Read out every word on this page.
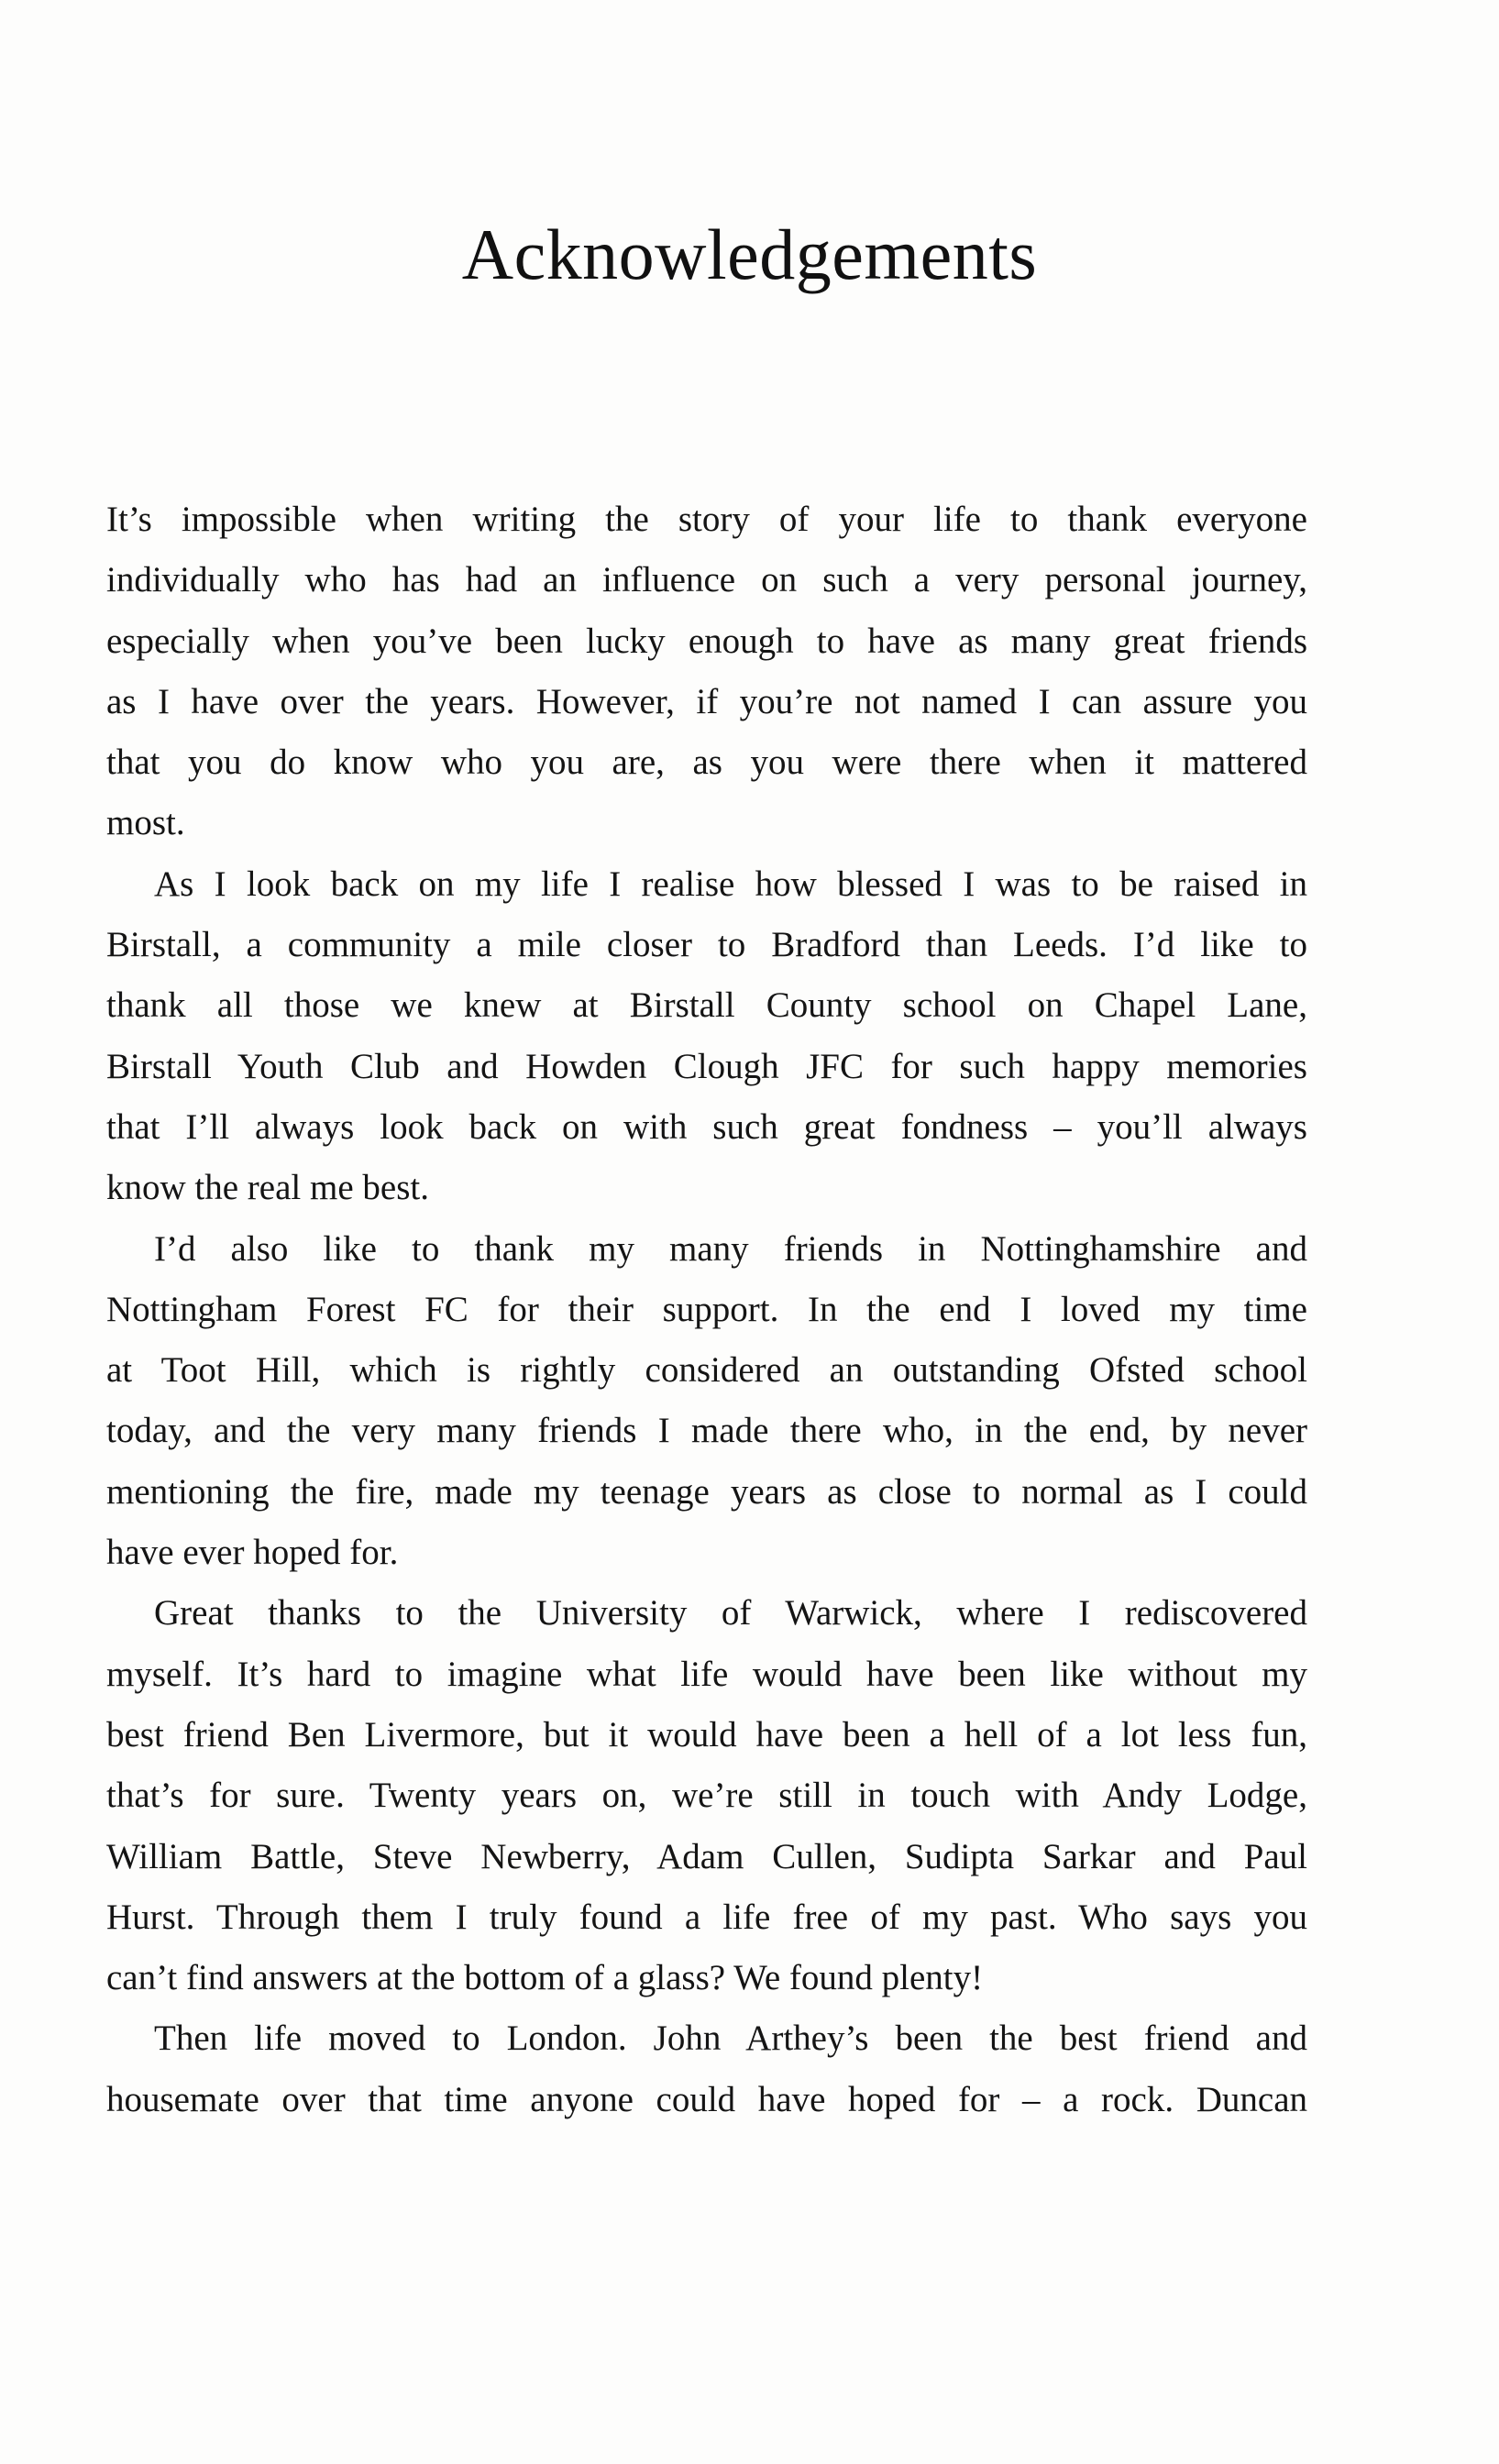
Acknowledgements
It’s impossible when writing the story of your life to thank everyone
individually who has had an influence on such a very personal journey,
especially when you’ve been lucky enough to have as many great friends
as I have over the years. However, if you’re not named I can assure you
that you do know who you are, as you were there when it mattered
most.
As I look back on my life I realise how blessed I was to be raised in
Birstall, a community a mile closer to Bradford than Leeds. I’d like to
thank all those we knew at Birstall County school on Chapel Lane,
Birstall Youth Club and Howden Clough JFC for such happy memories
that I’ll always look back on with such great fondness – you’ll always
know the real me best.
I’d also like to thank my many friends in Nottinghamshire and
Nottingham Forest FC for their support. In the end I loved my time
at Toot Hill, which is rightly considered an outstanding Ofsted school
today, and the very many friends I made there who, in the end, by never
mentioning the fire, made my teenage years as close to normal as I could
have ever hoped for.
Great thanks to the University of Warwick, where I rediscovered
myself. It’s hard to imagine what life would have been like without my
best friend Ben Livermore, but it would have been a hell of a lot less fun,
that’s for sure. Twenty years on, we’re still in touch with Andy Lodge,
William Battle, Steve Newberry, Adam Cullen, Sudipta Sarkar and Paul
Hurst. Through them I truly found a life free of my past. Who says you
can’t find answers at the bottom of a glass? We found plenty!
Then life moved to London. John Arthey’s been the best friend and
housemate over that time anyone could have hoped for – a rock. Duncan
